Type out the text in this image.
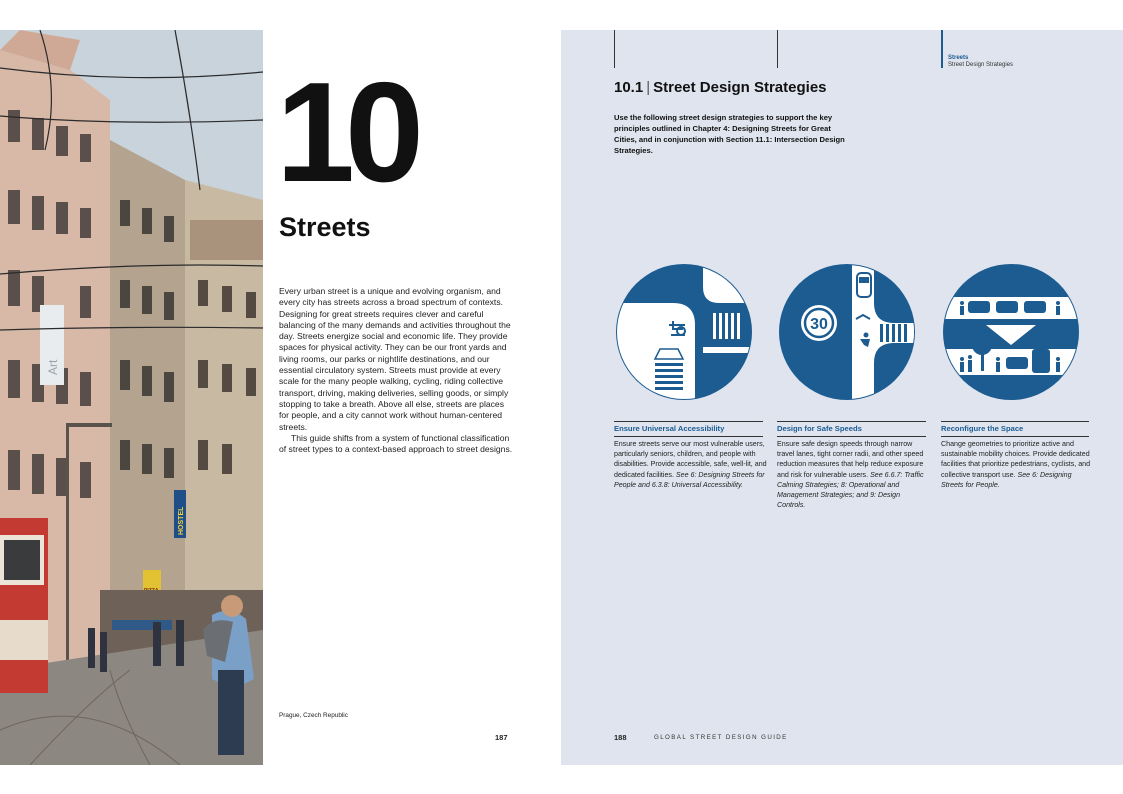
Art
HOSTEL
10
Streets

Every urban street is a unique and evolving organism, and every city has streets across a broad spectrum of contexts. Designing for great streets requires clever and careful balancing of the many demands and activities throughout the day. Streets energize social and economic life. They provide spaces for physical activity. They can be our front yards and living rooms, our parks or nightlife destinations, and our essential circulatory system. Streets must provide at every scale for the many people walking, cycling, riding collective transport, driving, making deliveries, selling goods, or simply stopping to take a breath. Above all else, streets are places for people, and a city cannot work without human-centered streets.

This guide shifts from a system of functional classification of street types to a context-based approach to street designs.

Prague, Czech Republic
187
Streets
Street Design Strategies
10.1 | Street Design Strategies
Use the following street design strategies to support the key principles outlined in Chapter 4: Designing Streets for Great Cities, and in conjunction with Section 11.1: Intersection Design Strategies.
30
Ensure Universal Accessibility
Ensure streets serve our most vulnerable users, particularly seniors, children, and people with disabilities. Provide accessible, safe, well-lit, and dedicated facilities. See 6: Designing Streets for People and 6.3.8: Universal Accessibility.
Design for Safe Speeds
Ensure safe design speeds through narrow travel lanes, tight corner radii, and other speed reduction measures that help reduce exposure and risk for vulnerable users. See 6.6.7: Traffic Calming Strategies; 8: Operational and Management Strategies; and 9: Design Controls.
Reconfigure the Space
Change geometries to prioritize active and sustainable mobility choices. Provide dedicated facilities that prioritize pedestrians, cyclists, and collective transport use. See 6: Designing Streets for People.
188	GLOBAL STREET DESIGN GUIDE
